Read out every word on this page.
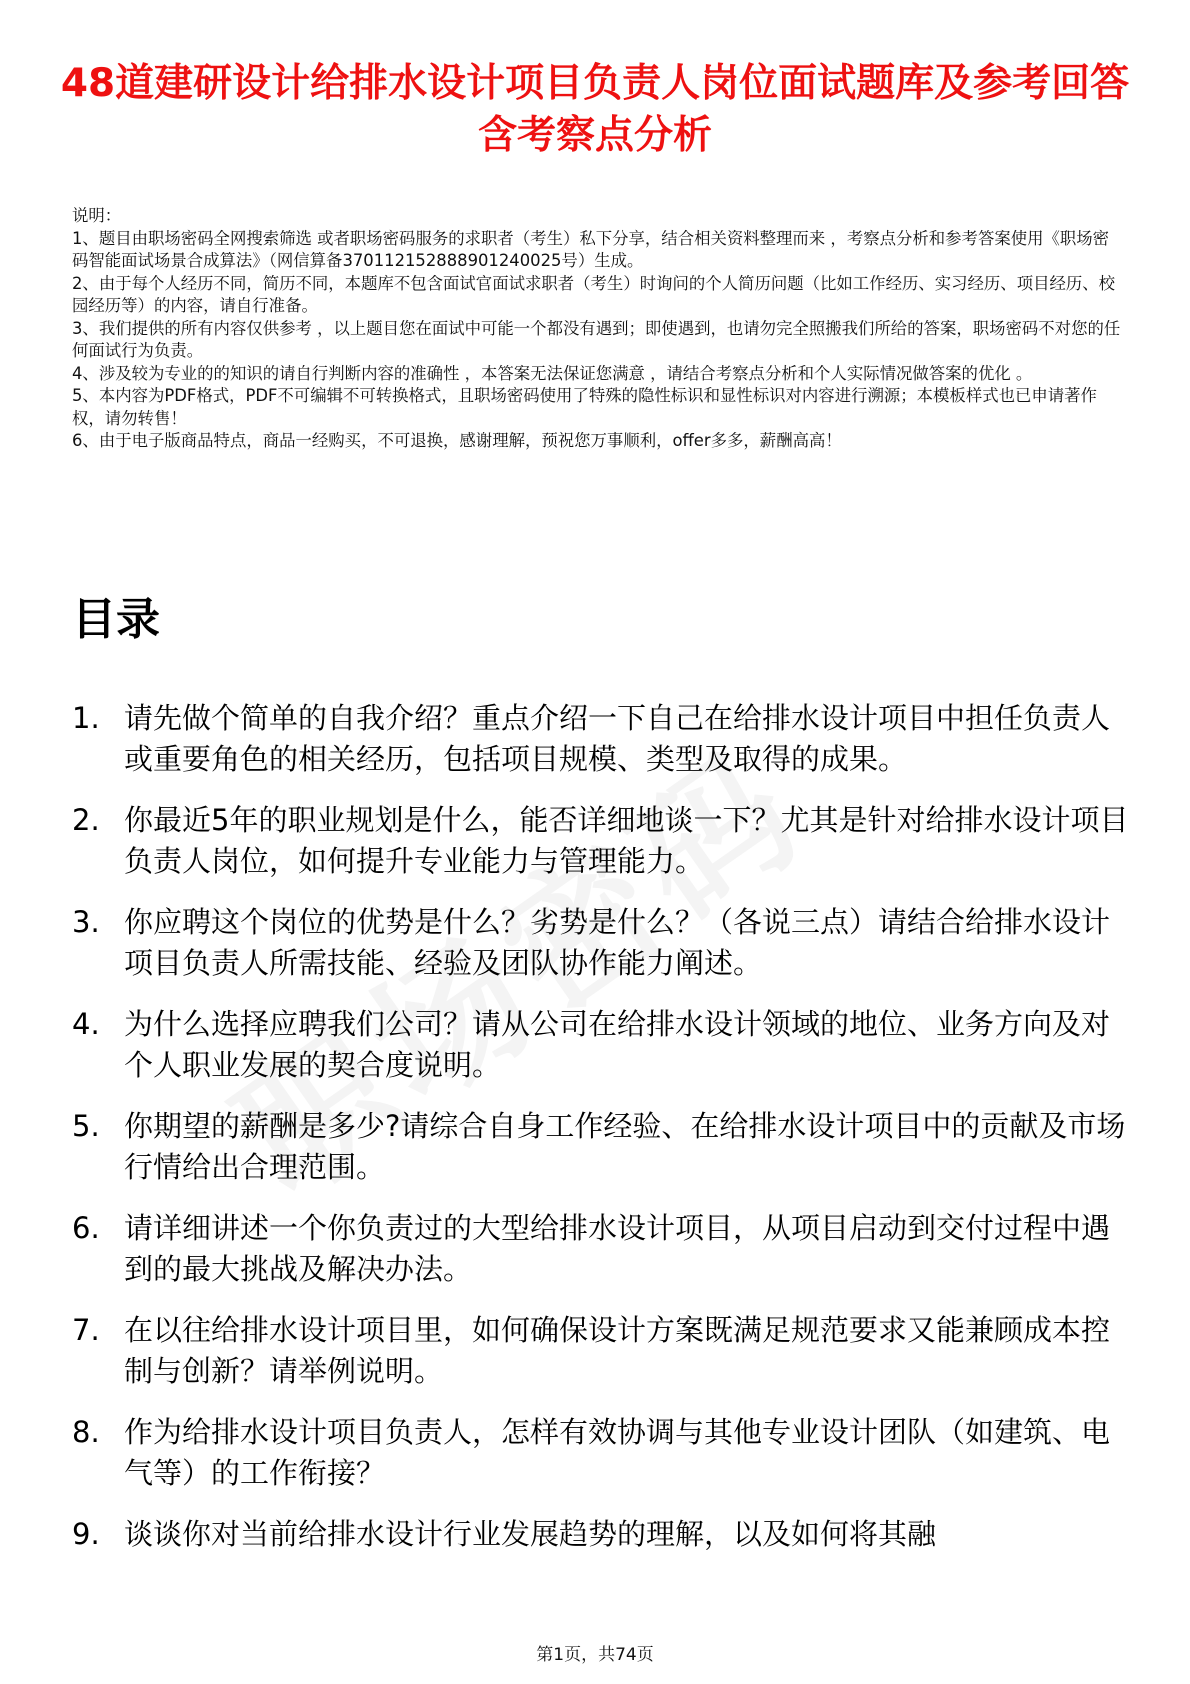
48道建研设计给排水设计项目负责人岗位面试题库及参考回答含考察点分析

说明：

1、题目由职场密码全网搜索筛选 或者职场密码服务的求职者（考生）私下分享，结合相关资料整理而来 ，考察点分析和参考答案使用《职场密码智能面试场景合成算法》（网信算备370112152888901240025号）生成。

2、由于每个人经历不同，简历不同，本题库不包含面试官面试求职者（考生）时询问的个人简历问题（比如工作经历、实习经历、项目经历、校园经历等）的内容，请自行准备。

3、我们提供的所有内容仅供参考 ，以上题目您在面试中可能一个都没有遇到；即使遇到，也请勿完全照搬我们所给的答案，职场密码不对您的任何面试行为负责。

4、涉及较为专业的的知识的请自行判断内容的准确性 ，本答案无法保证您满意 ，请结合考察点分析和个人实际情况做答案的优化 。

5、本内容为PDF格式，PDF不可编辑不可转换格式，且职场密码使用了特殊的隐性标识和显性标识对内容进行溯源；本模板样式也已申请著作权，请勿转售！

6、由于电子版商品特点，商品一经购买，不可退换，感谢理解，预祝您万事顺利，offer多多，薪酬高高！

目录
1. 请先做个简单的自我介绍？重点介绍一下自己在给排水设计项目中担任负责人或重要角色的相关经历，包括项目规模、类型及取得的成果。
2. 你最近5年的职业规划是什么，能否详细地谈一下？尤其是针对给排水设计项目负责人岗位，如何提升专业能力与管理能力。
3. 你应聘这个岗位的优势是什么？劣势是什么？（各说三点）请结合给排水设计项目负责人所需技能、经验及团队协作能力阐述。
4. 为什么选择应聘我们公司？请从公司在给排水设计领域的地位、业务方向及对个人职业发展的契合度说明。
5. 你期望的薪酬是多少?请综合自身工作经验、在给排水设计项目中的贡献及市场行情给出合理范围。
6. 请详细讲述一个你负责过的大型给排水设计项目，从项目启动到交付过程中遇到的最大挑战及解决办法。
7. 在以往给排水设计项目里，如何确保设计方案既满足规范要求又能兼顾成本控制与创新？请举例说明。
8. 作为给排水设计项目负责人，怎样有效协调与其他专业设计团队（如建筑、电气等）的工作衔接？
9. 谈谈你对当前给排水设计行业发展趋势的理解，以及如何将其融
第1页，共74页
